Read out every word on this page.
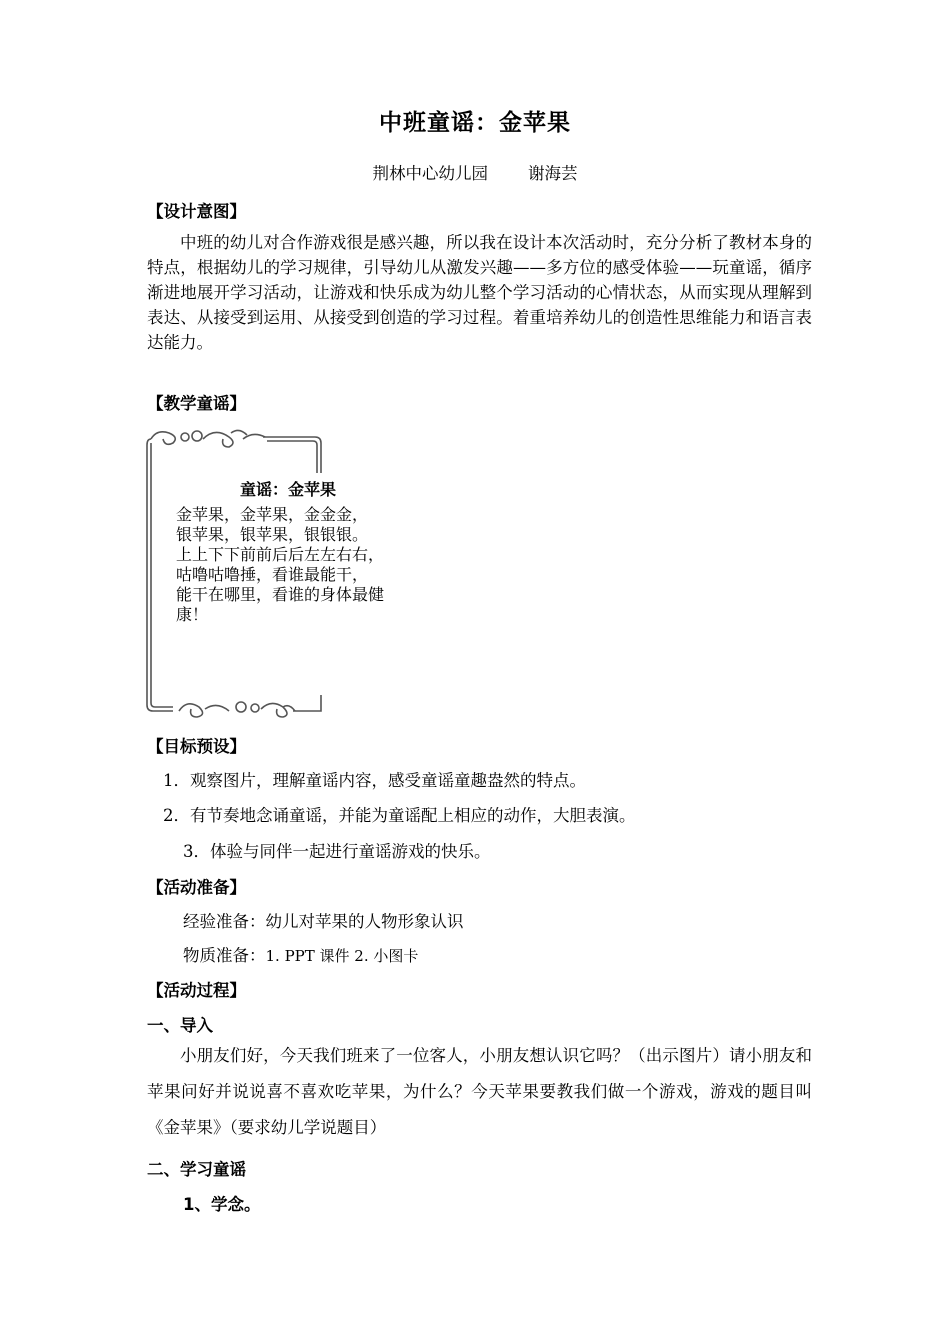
中班童谣：金苹果
荆林中心幼儿园 谢海芸
【设计意图】
中班的幼儿对合作游戏很是感兴趣，所以我在设计本次活动时，充分分析了教材本身的特点，根据幼儿的学习规律，引导幼儿从激发兴趣——多方位的感受体验——玩童谣，循序渐进地展开学习活动，让游戏和快乐成为幼儿整个学习活动的心情状态，从而实现从理解到表达、从接受到运用、从接受到创造的学习过程。着重培养幼儿的创造性思维能力和语言表达能力。
【教学童谣】
童谣：金苹果
金苹果，金苹果，金金金，
银苹果，银苹果，银银银。
上上下下前前后后左左右右，
咕噜咕噜捶，看谁最能干，
能干在哪里，看谁的身体最健
康！
【目标预设】
1．观察图片，理解童谣内容，感受童谣童趣盎然的特点。
2．有节奏地念诵童谣，并能为童谣配上相应的动作，大胆表演。
3．体验与同伴一起进行童谣游戏的快乐。
【活动准备】
经验准备：幼儿对苹果的人物形象认识
物质准备：1. PPT 课件 2. 小图卡
【活动过程】
一、导入
小朋友们好，今天我们班来了一位客人，小朋友想认识它吗？（出示图片）请小朋友和苹果问好并说说喜不喜欢吃苹果，为什么？今天苹果要教我们做一个游戏，游戏的题目叫《金苹果》（要求幼儿学说题目）
二、学习童谣
1、学念。
